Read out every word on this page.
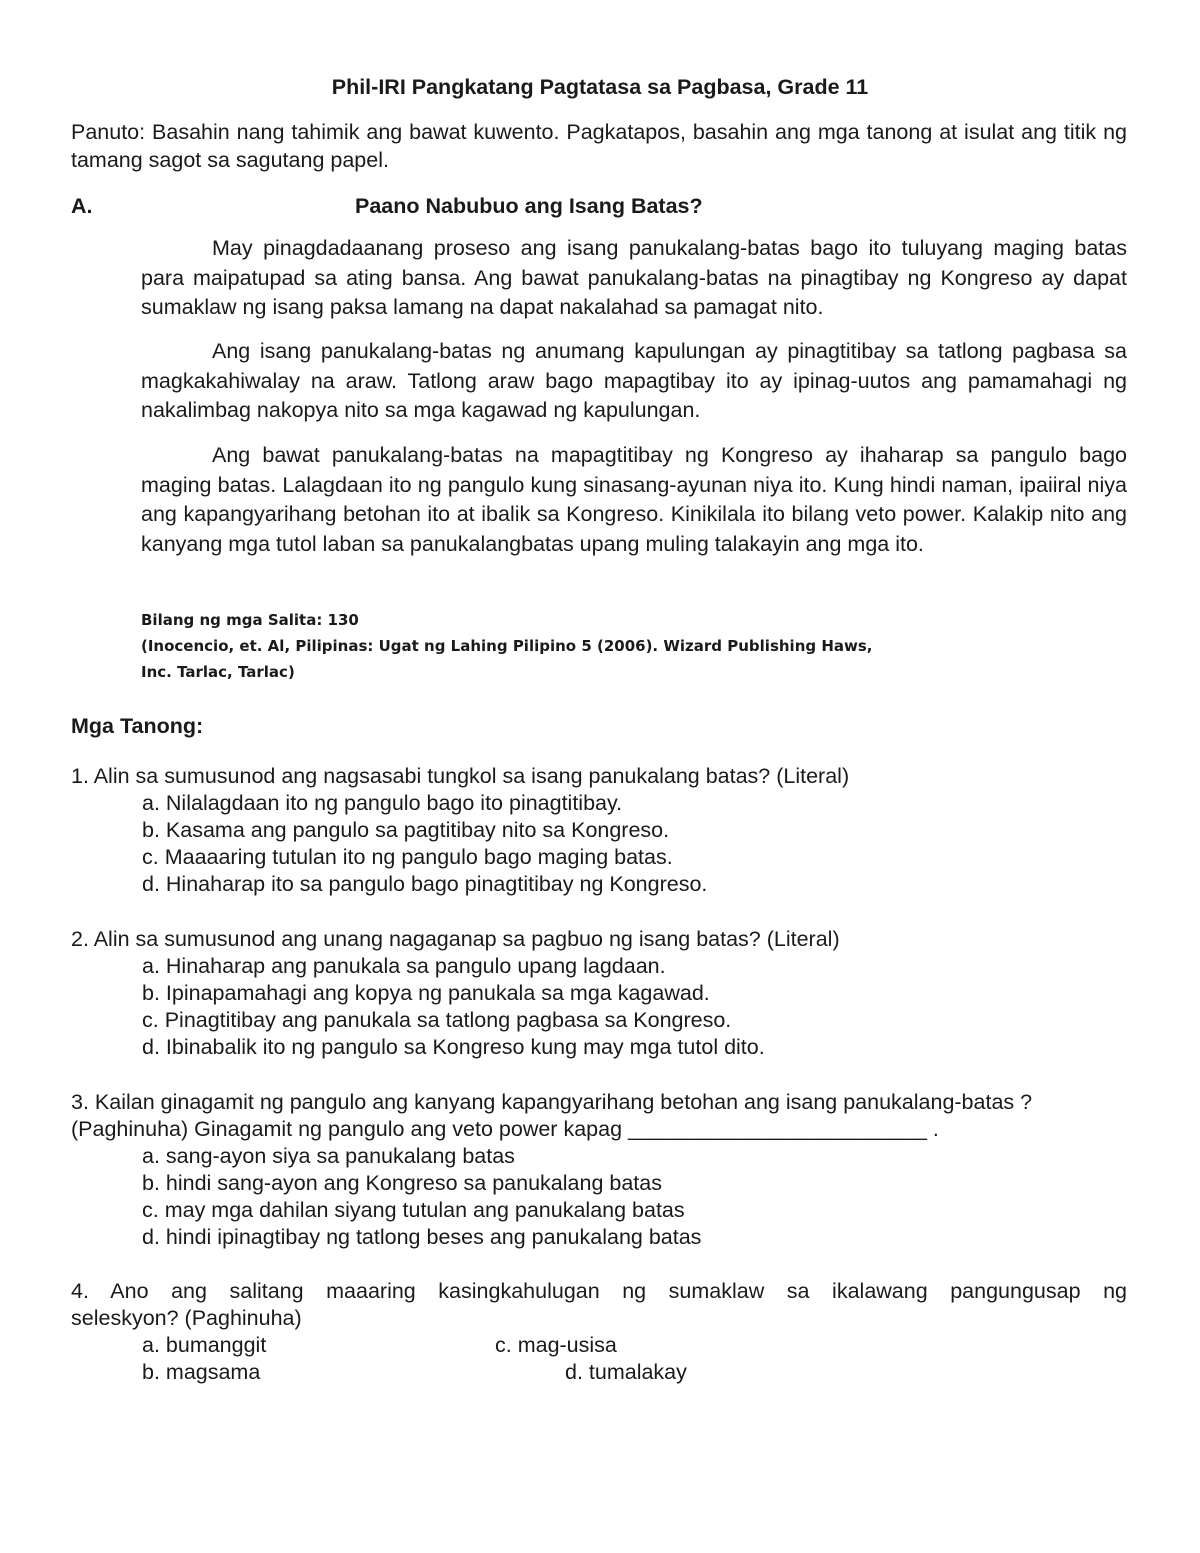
Phil-IRI Pangkatang Pagtatasa sa Pagbasa, Grade 11
Panuto: Basahin nang tahimik ang bawat kuwento. Pagkatapos, basahin ang mga tanong at isulat ang titik ng tamang sagot sa sagutang papel.
A.	Paano Nabubuo ang Isang Batas?

May pinagdadaanang proseso ang isang panukalang-batas bago ito tuluyang maging batas para maipatupad sa ating bansa. Ang bawat panukalang-batas na pinagtibay ng Kongreso ay dapat sumaklaw ng isang paksa lamang na dapat nakalahad sa pamagat nito.

Ang isang panukalang-batas ng anumang kapulungan ay pinagtitibay sa tatlong pagbasa sa magkakahiwalay na araw. Tatlong araw bago mapagtibay ito ay ipinag-uutos ang pamamahagi ng nakalimbag nakopya nito sa mga kagawad ng kapulungan.

Ang bawat panukalang-batas na mapagtitibay ng Kongreso ay ihaharap sa pangulo bago maging batas. Lalagdaan ito ng pangulo kung sinasang-ayunan niya ito. Kung hindi naman, ipaiiral niya ang kapangyarihang betohan ito at ibalik sa Kongreso. Kinikilala ito bilang veto power. Kalakip nito ang kanyang mga tutol laban sa panukalangbatas upang muling talakayin ang mga ito.

Bilang ng mga Salita: 130
(Inocencio, et. Al, Pilipinas: Ugat ng Lahing Pilipino 5 (2006). Wizard Publishing Haws,
Inc. Tarlac, Tarlac)
Mga Tanong:
1. Alin sa sumusunod ang nagsasabi tungkol sa isang panukalang batas? (Literal)
a. Nilalagdaan ito ng pangulo bago ito pinagtitibay.
b. Kasama ang pangulo sa pagtitibay nito sa Kongreso.
c. Maaaaring tutulan ito ng pangulo bago maging batas.
d. Hinaharap ito sa pangulo bago pinagtitibay ng Kongreso.
2. Alin sa sumusunod ang unang nagaganap sa pagbuo ng isang batas? (Literal)
a. Hinaharap ang panukala sa pangulo upang lagdaan.
b. Ipinapamahagi ang kopya ng panukala sa mga kagawad.
c. Pinagtitibay ang panukala sa tatlong pagbasa sa Kongreso.
d. Ibinabalik ito ng pangulo sa Kongreso kung may mga tutol dito.
3. Kailan ginagamit ng pangulo ang kanyang kapangyarihang betohan ang isang panukalang-batas ?
(Paghinuha) Ginagamit ng pangulo ang veto power kapag _________________________ .
a. sang-ayon siya sa panukalang batas
b. hindi sang-ayon ang Kongreso sa panukalang batas
c. may mga dahilan siyang tutulan ang panukalang batas
d. hindi ipinagtibay ng tatlong beses ang panukalang batas
4. Ano ang salitang maaaring kasingkahulugan ng sumaklaw sa ikalawang pangungusap ng
seleskyon? (Paghinuha)
a. bumanggit	c. mag-usisa
b. magsama	d. tumalakay
